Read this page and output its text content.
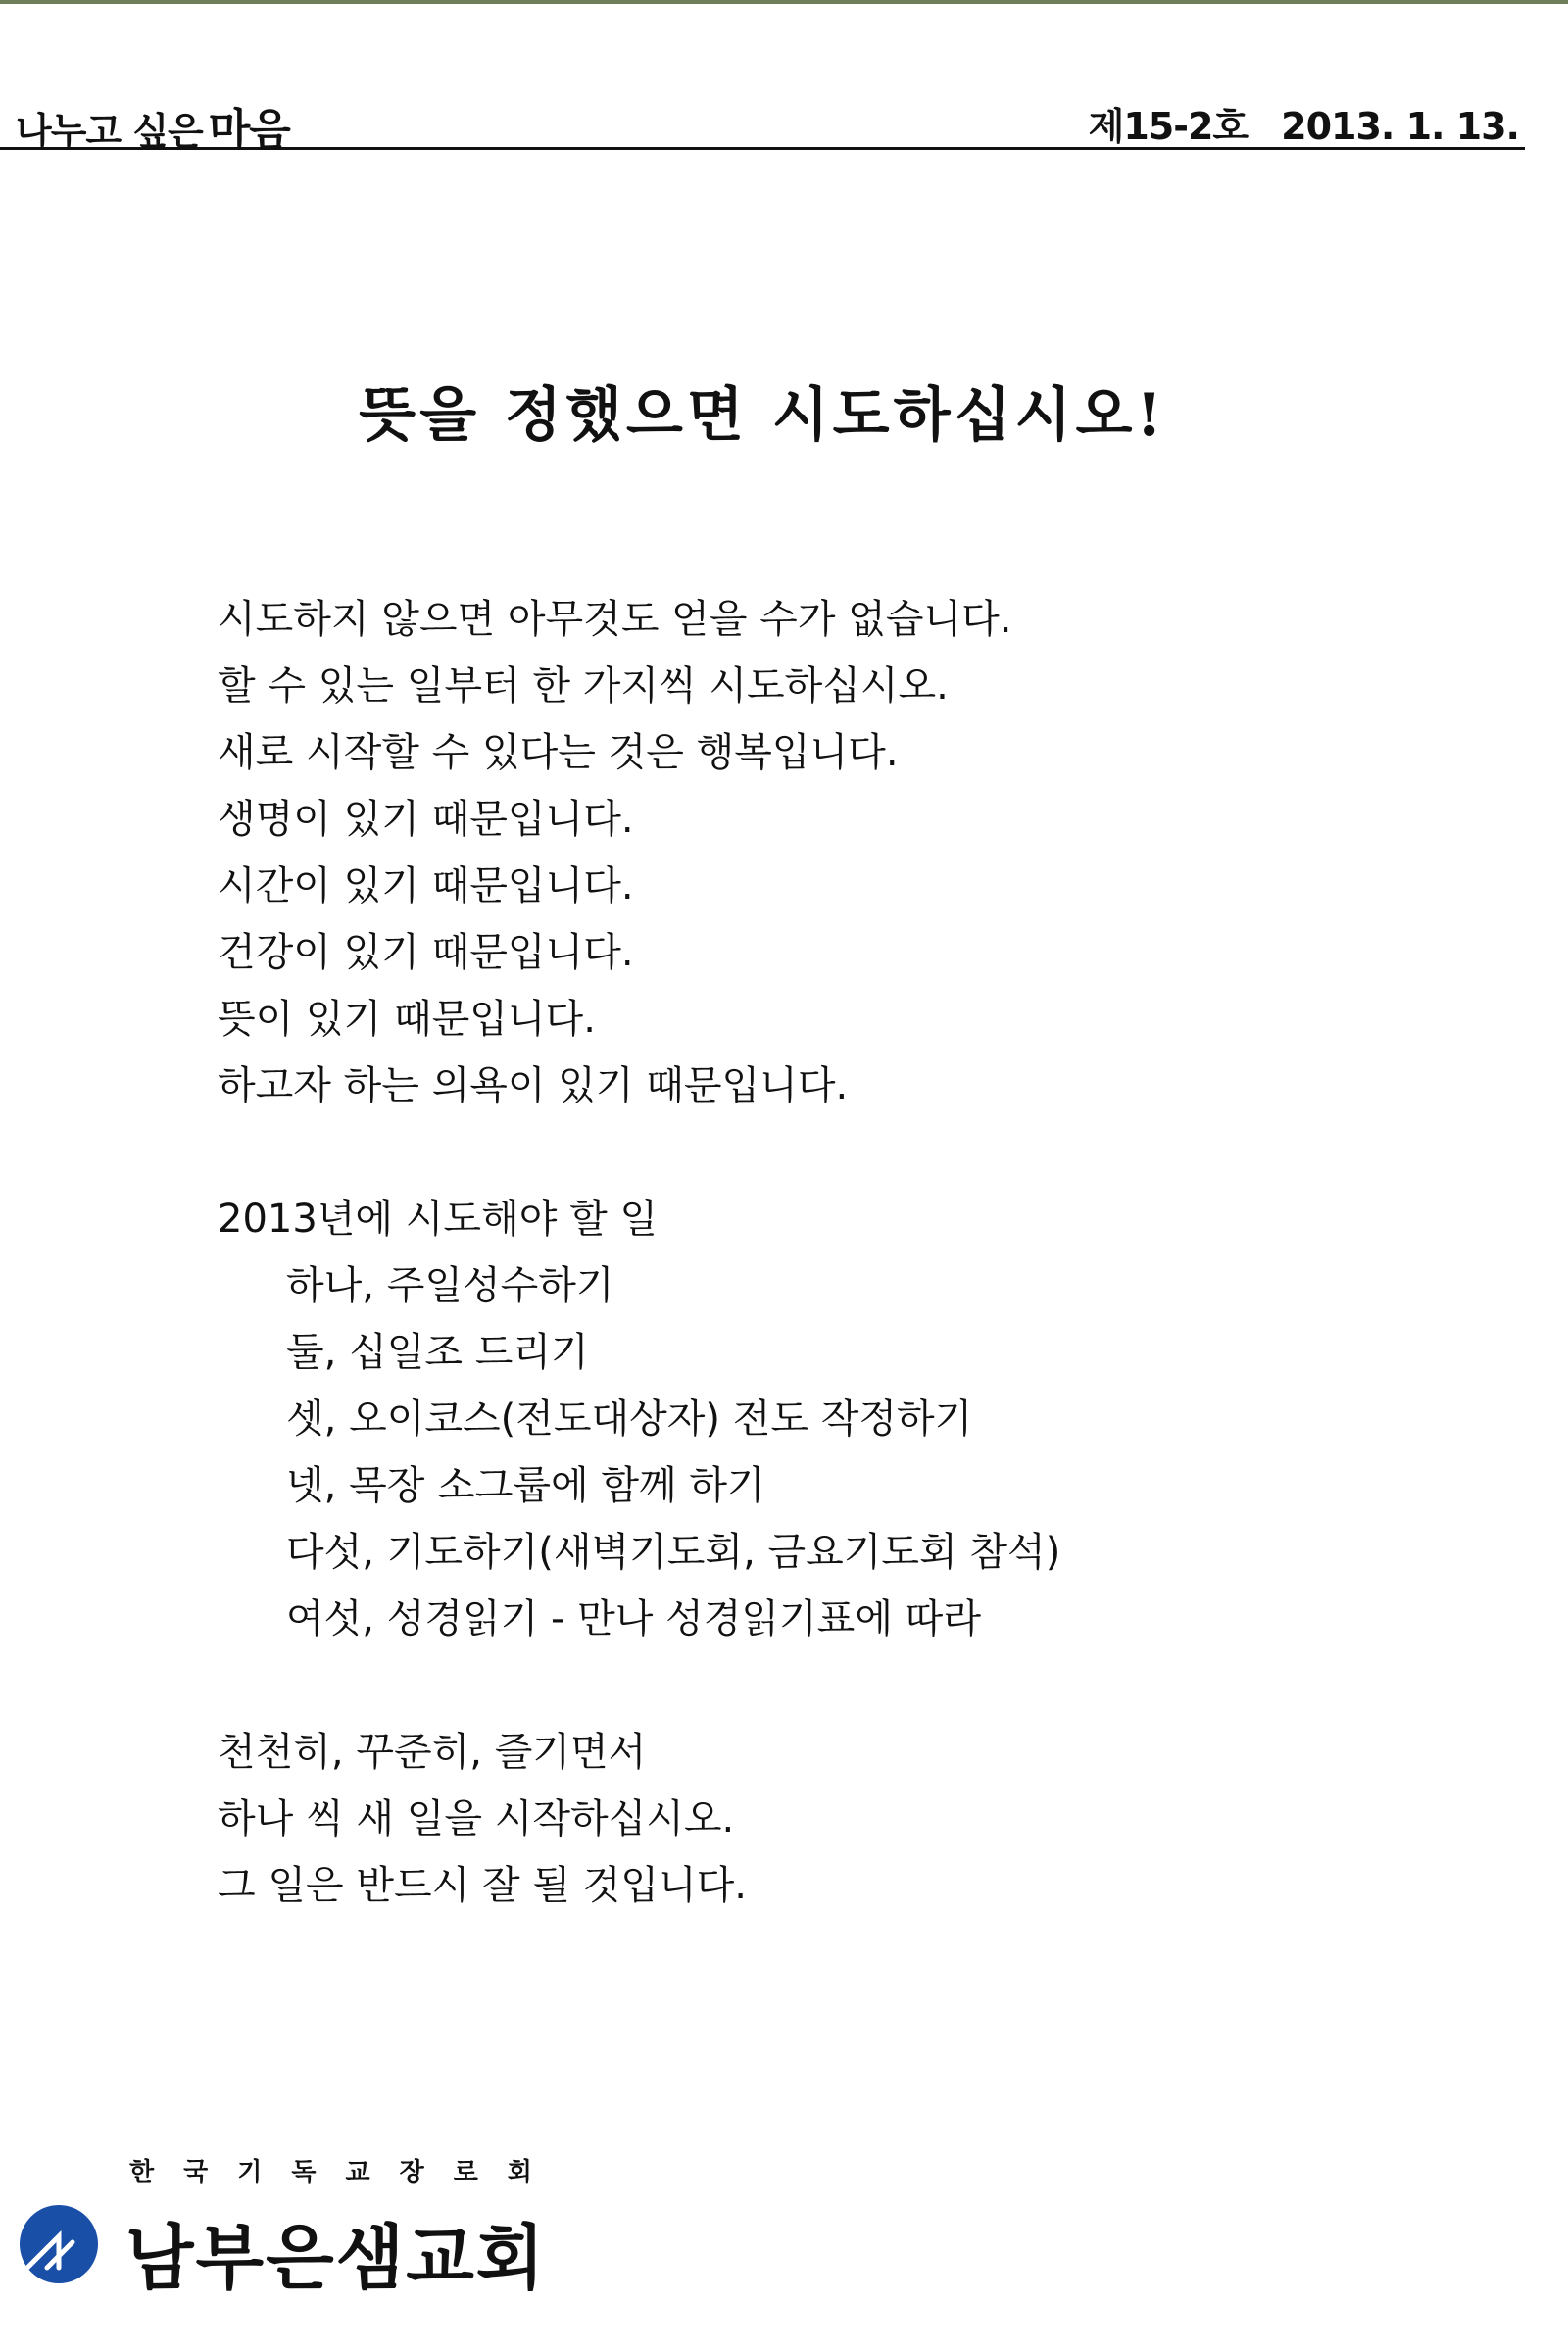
나누고 싶은 마음	제15-2호 2013. 1. 13.
뜻을 정했으면 시도하십시오!
시도하지 않으면 아무것도 얻을 수가 없습니다.
할 수 있는 일부터 한 가지씩 시도하십시오.
새로 시작할 수 있다는 것은 행복입니다.
생명이 있기 때문입니다.
시간이 있기 때문입니다.
건강이 있기 때문입니다.
뜻이 있기 때문입니다.
하고자 하는 의욕이 있기 때문입니다.
2013년에 시도해야 할 일
하나, 주일성수하기
둘, 십일조 드리기
셋, 오이코스(전도대상자) 전도 작정하기
넷, 목장 소그룹에 함께 하기
다섯, 기도하기(새벽기도회, 금요기도회 참석)
여섯, 성경읽기 - 만나 성경읽기표에 따라
천천히, 꾸준히, 즐기면서
하나 씩 새 일을 시작하십시오.
그 일은 반드시 잘 될 것입니다.
한국기독교장로회
남부은샘교회
